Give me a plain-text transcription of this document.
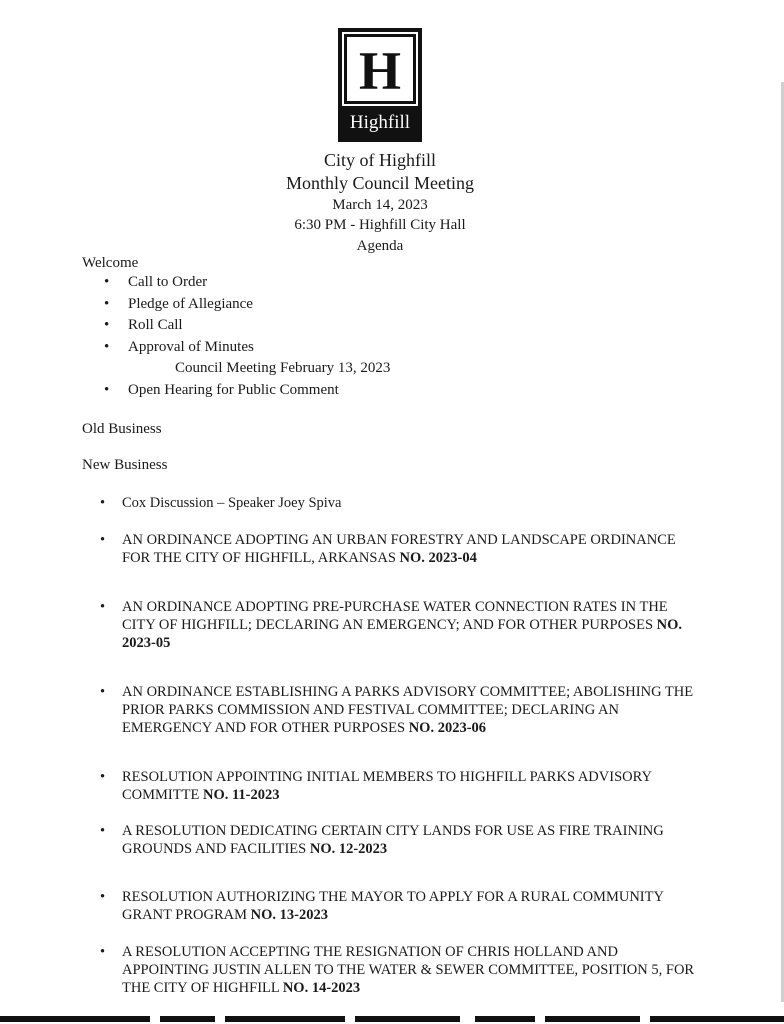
H
Highfill
City of Highfill
Monthly Council Meeting
March 14, 2023
6:30 PM - Highfill City Hall
Agenda
Welcome
• Call to Order
• Pledge of Allegiance
• Roll Call
• Approval of Minutes
Council Meeting February 13, 2023
• Open Hearing for Public Comment
Old Business
New Business
• Cox Discussion – Speaker Joey Spiva
• AN ORDINANCE ADOPTING AN URBAN FORESTRY AND LANDSCAPE ORDINANCE FOR THE CITY OF HIGHFILL, ARKANSAS NO. 2023-04
• AN ORDINANCE ADOPTING PRE-PURCHASE WATER CONNECTION RATES IN THE CITY OF HIGHFILL; DECLARING AN EMERGENCY; AND FOR OTHER PURPOSES NO. 2023-05
• AN ORDINANCE ESTABLISHING A PARKS ADVISORY COMMITTEE; ABOLISHING THE PRIOR PARKS COMMISSION AND FESTIVAL COMMITTEE; DECLARING AN EMERGENCY AND FOR OTHER PURPOSES NO. 2023-06
• RESOLUTION APPOINTING INITIAL MEMBERS TO HIGHFILL PARKS ADVISORY COMMITTE NO. 11-2023
• A RESOLUTION DEDICATING CERTAIN CITY LANDS FOR USE AS FIRE TRAINING GROUNDS AND FACILITIES NO. 12-2023
• RESOLUTION AUTHORIZING THE MAYOR TO APPLY FOR A RURAL COMMUNITY GRANT PROGRAM NO. 13-2023
• A RESOLUTION ACCEPTING THE RESIGNATION OF CHRIS HOLLAND AND APPOINTING JUSTIN ALLEN TO THE WATER & SEWER COMMITTEE, POSITION 5, FOR THE CITY OF HIGHFILL NO. 14-2023
